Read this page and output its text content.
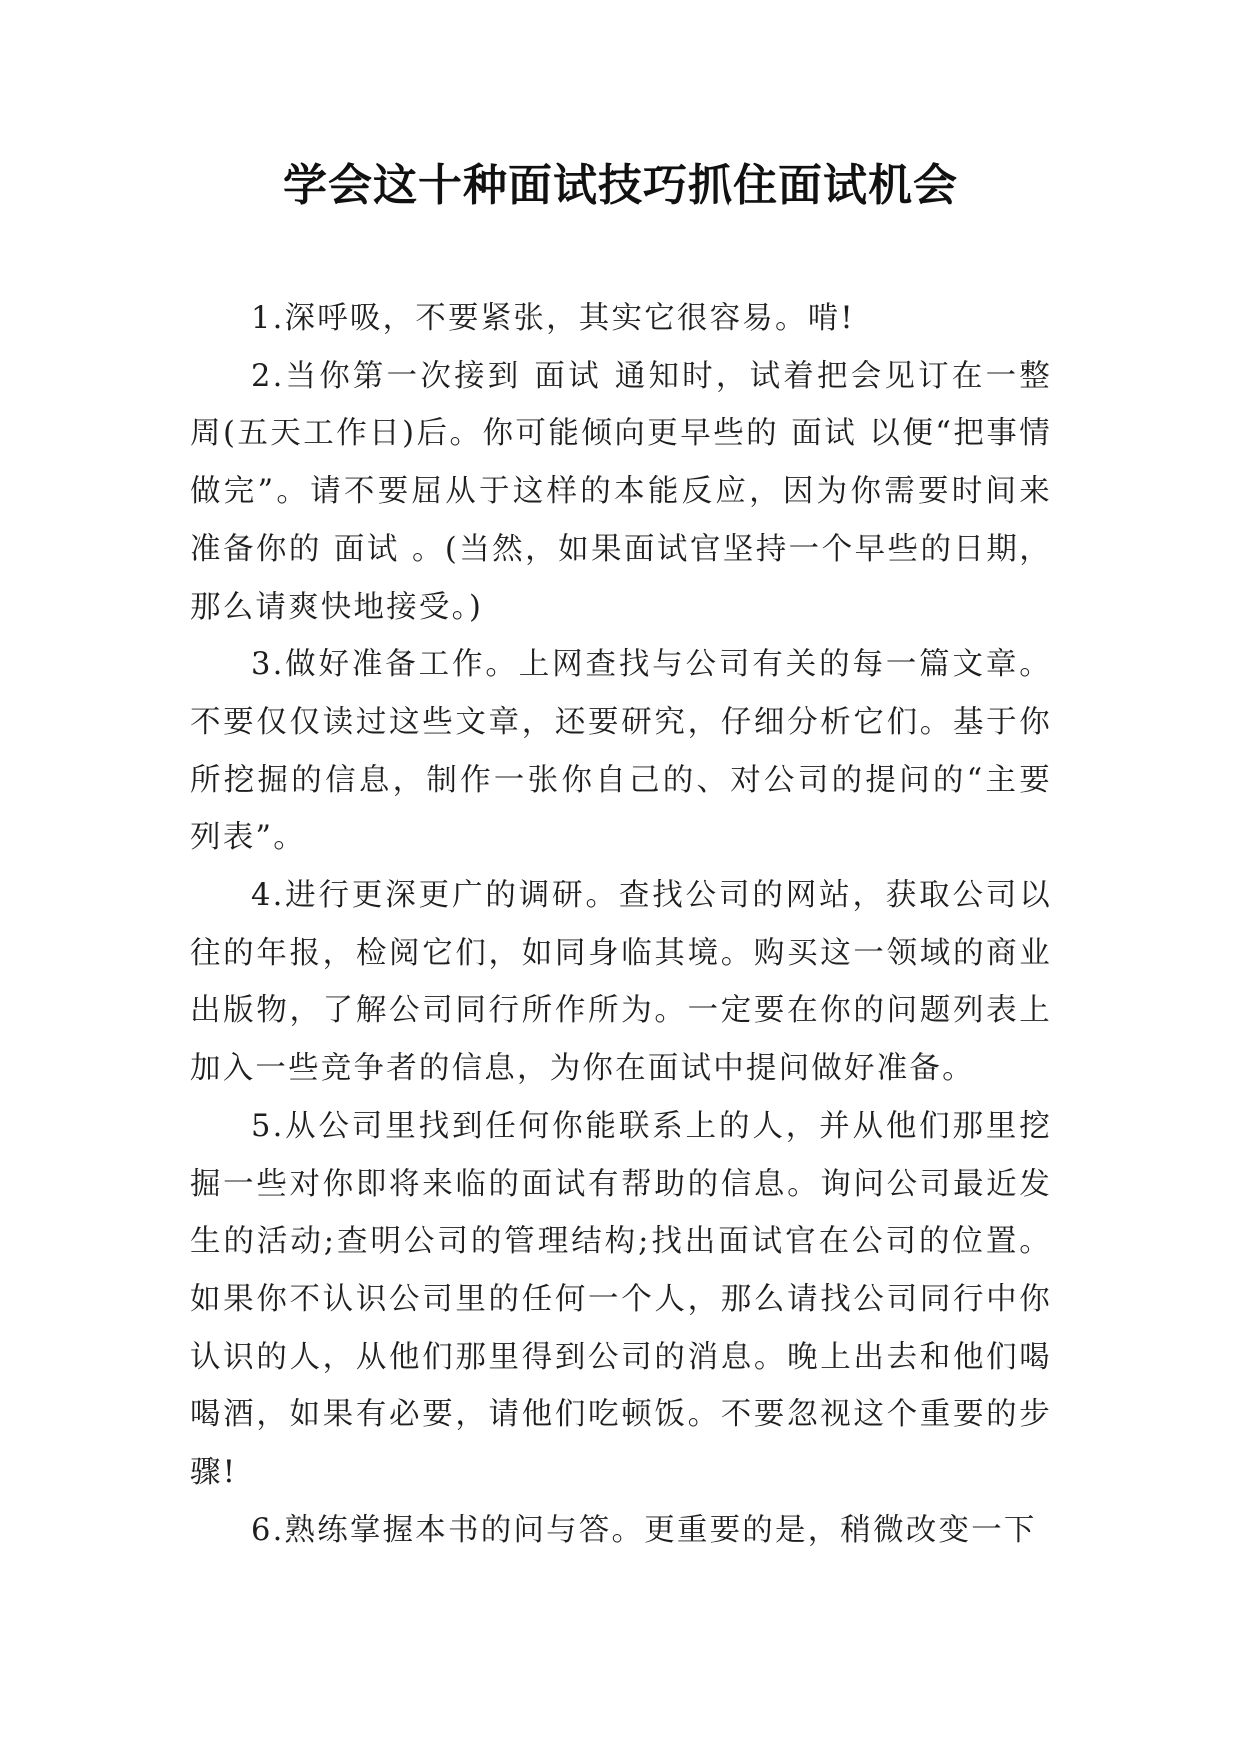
学会这十种面试技巧抓住面试机会

1.深呼吸，不要紧张，其实它很容易。啃!

2.当你第一次接到 面试 通知时，试着把会见订在一整周(五天工作日)后。你可能倾向更早些的 面试 以便“把事情做完”。请不要屈从于这样的本能反应，因为你需要时间来准备你的 面试 。(当然，如果面试官坚持一个早些的日期，那么请爽快地接受。)

3.做好准备工作。上网查找与公司有关的每一篇文章。不要仅仅读过这些文章，还要研究，仔细分析它们。基于你所挖掘的信息，制作一张你自己的、对公司的提问的“主要列表”。

4.进行更深更广的调研。查找公司的网站，获取公司以往的年报，检阅它们，如同身临其境。购买这一领域的商业出版物，了解公司同行所作所为。一定要在你的问题列表上加入一些竞争者的信息，为你在面试中提问做好准备。

5.从公司里找到任何你能联系上的人，并从他们那里挖掘一些对你即将来临的面试有帮助的信息。询问公司最近发生的活动;查明公司的管理结构;找出面试官在公司的位置。如果你不认识公司里的任何一个人，那么请找公司同行中你认识的人，从他们那里得到公司的消息。晚上出去和他们喝喝酒，如果有必要，请他们吃顿饭。不要忽视这个重要的步骤!

6.熟练掌握本书的问与答。更重要的是，稍微改变一下
